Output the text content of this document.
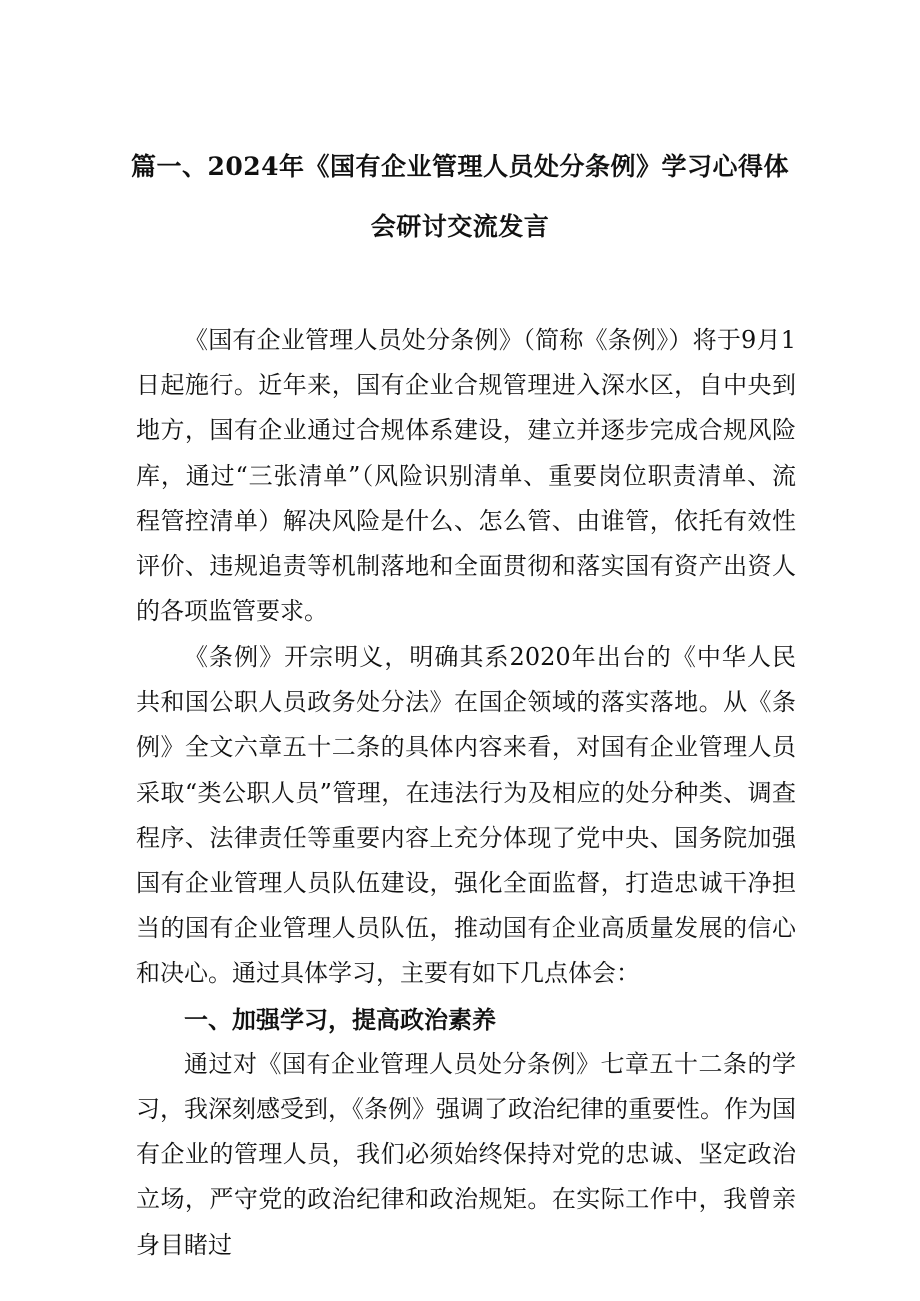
篇一、2024年《国有企业管理人员处分条例》学习心得体
会研讨交流发言

《国有企业管理人员处分条例》（简称《条例》）将于9月1日起施行。近年来，国有企业合规管理进入深水区，自中央到地方，国有企业通过合规体系建设，建立并逐步完成合规风险库，通过“三张清单”（风险识别清单、重要岗位职责清单、流程管控清单）解决风险是什么、怎么管、由谁管，依托有效性评价、违规追责等机制落地和全面贯彻和落实国有资产出资人的各项监管要求。

《条例》开宗明义，明确其系2020年出台的《中华人民共和国公职人员政务处分法》在国企领域的落实落地。从《条例》全文六章五十二条的具体内容来看，对国有企业管理人员采取“类公职人员”管理，在违法行为及相应的处分种类、调查程序、法律责任等重要内容上充分体现了党中央、国务院加强国有企业管理人员队伍建设，强化全面监督，打造忠诚干净担当的国有企业管理人员队伍，推动国有企业高质量发展的信心和决心。通过具体学习，主要有如下几点体会：

一、加强学习，提高政治素养

通过对《国有企业管理人员处分条例》七章五十二条的学习，我深刻感受到，《条例》强调了政治纪律的重要性。作为国有企业的管理人员，我们必须始终保持对党的忠诚、坚定政治立场，严守党的政治纪律和政治规矩。在实际工作中，我曾亲身目睹过
